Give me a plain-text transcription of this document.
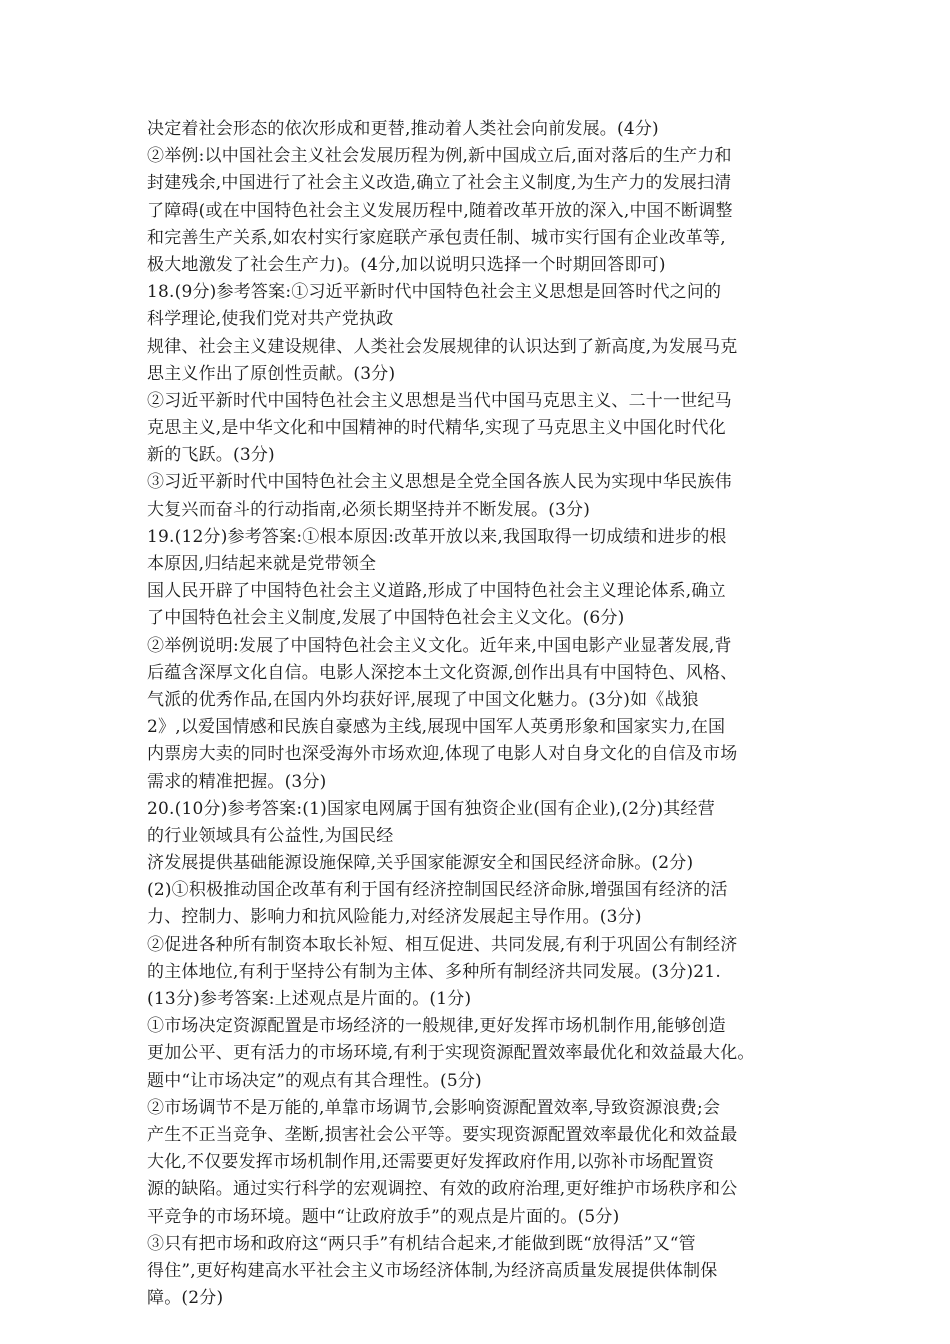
决定着社会形态的依次形成和更替,推动着人类社会向前发展。(4分)
②举例:以中国社会主义社会发展历程为例,新中国成立后,面对落后的生产力和
封建残余,中国进行了社会主义改造,确立了社会主义制度,为生产力的发展扫清
了障碍(或在中国特色社会主义发展历程中,随着改革开放的深入,中国不断调整
和完善生产关系,如农村实行家庭联产承包责任制、城市实行国有企业改革等,
极大地激发了社会生产力)。(4分,加以说明只选择一个时期回答即可)
18.(9分)参考答案:①习近平新时代中国特色社会主义思想是回答时代之问的
科学理论,使我们党对共产党执政
规律、社会主义建设规律、人类社会发展规律的认识达到了新高度,为发展马克
思主义作出了原创性贡献。(3分)
②习近平新时代中国特色社会主义思想是当代中国马克思主义、二十一世纪马
克思主义,是中华文化和中国精神的时代精华,实现了马克思主义中国化时代化
新的飞跃。(3分)
③习近平新时代中国特色社会主义思想是全党全国各族人民为实现中华民族伟
大复兴而奋斗的行动指南,必须长期坚持并不断发展。(3分)
19.(12分)参考答案:①根本原因:改革开放以来,我国取得一切成绩和进步的根
本原因,归结起来就是党带领全
国人民开辟了中国特色社会主义道路,形成了中国特色社会主义理论体系,确立
了中国特色社会主义制度,发展了中国特色社会主义文化。(6分)
②举例说明:发展了中国特色社会主义文化。近年来,中国电影产业显著发展,背
后蕴含深厚文化自信。电影人深挖本土文化资源,创作出具有中国特色、风格、
气派的优秀作品,在国内外均获好评,展现了中国文化魅力。(3分)如《战狼
2》,以爱国情感和民族自豪感为主线,展现中国军人英勇形象和国家实力,在国
内票房大卖的同时也深受海外市场欢迎,体现了电影人对自身文化的自信及市场
需求的精准把握。(3分)
20.(10分)参考答案:(1)国家电网属于国有独资企业(国有企业),(2分)其经营
的行业领域具有公益性,为国民经
济发展提供基础能源设施保障,关乎国家能源安全和国民经济命脉。(2分)
(2)①积极推动国企改革有利于国有经济控制国民经济命脉,增强国有经济的活
力、控制力、影响力和抗风险能力,对经济发展起主导作用。(3分)
②促进各种所有制资本取长补短、相互促进、共同发展,有利于巩固公有制经济
的主体地位,有利于坚持公有制为主体、多种所有制经济共同发展。(3分)21.
(13分)参考答案:上述观点是片面的。(1分)
①市场决定资源配置是市场经济的一般规律,更好发挥市场机制作用,能够创造
更加公平、更有活力的市场环境,有利于实现资源配置效率最优化和效益最大化。
题中“让市场决定”的观点有其合理性。(5分)
②市场调节不是万能的,单靠市场调节,会影响资源配置效率,导致资源浪费;会
产生不正当竞争、垄断,损害社会公平等。要实现资源配置效率最优化和效益最
大化,不仅要发挥市场机制作用,还需要更好发挥政府作用,以弥补市场配置资
源的缺陷。通过实行科学的宏观调控、有效的政府治理,更好维护市场秩序和公
平竞争的市场环境。题中“让政府放手”的观点是片面的。(5分)
③只有把市场和政府这“两只手”有机结合起来,才能做到既“放得活”又“管
得住”,更好构建高水平社会主义市场经济体制,为经济高质量发展提供体制保
障。(2分)
